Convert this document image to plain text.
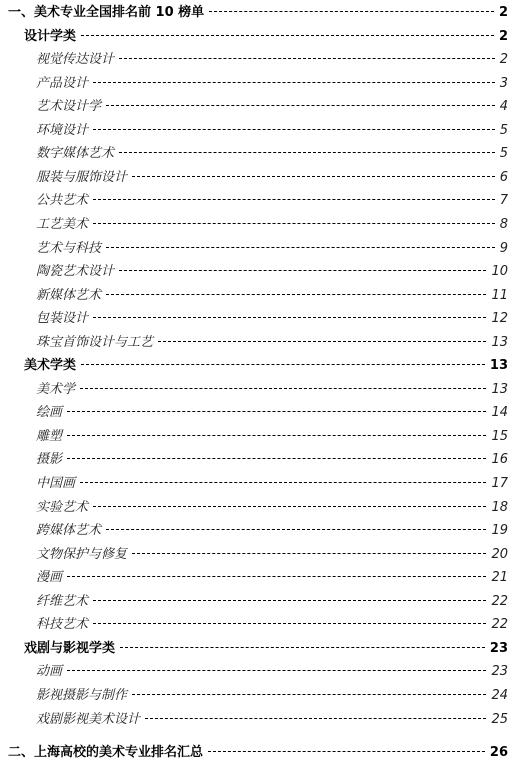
一、美术专业全国排名前 10 榜单	2
设计学类	2
视觉传达设计	2
产品设计	3
艺术设计学	4
环境设计	5
数字媒体艺术	5
服装与服饰设计	6
公共艺术	7
工艺美术	8
艺术与科技	9
陶瓷艺术设计	10
新媒体艺术	11
包装设计	12
珠宝首饰设计与工艺	13
美术学类	13
美术学	13
绘画	14
雕塑	15
摄影	16
中国画	17
实验艺术	18
跨媒体艺术	19
文物保护与修复	20
漫画	21
纤维艺术	22
科技艺术	22
戏剧与影视学类	23
动画	23
影视摄影与制作	24
戏剧影视美术设计	25
二、上海高校的美术专业排名汇总	26
